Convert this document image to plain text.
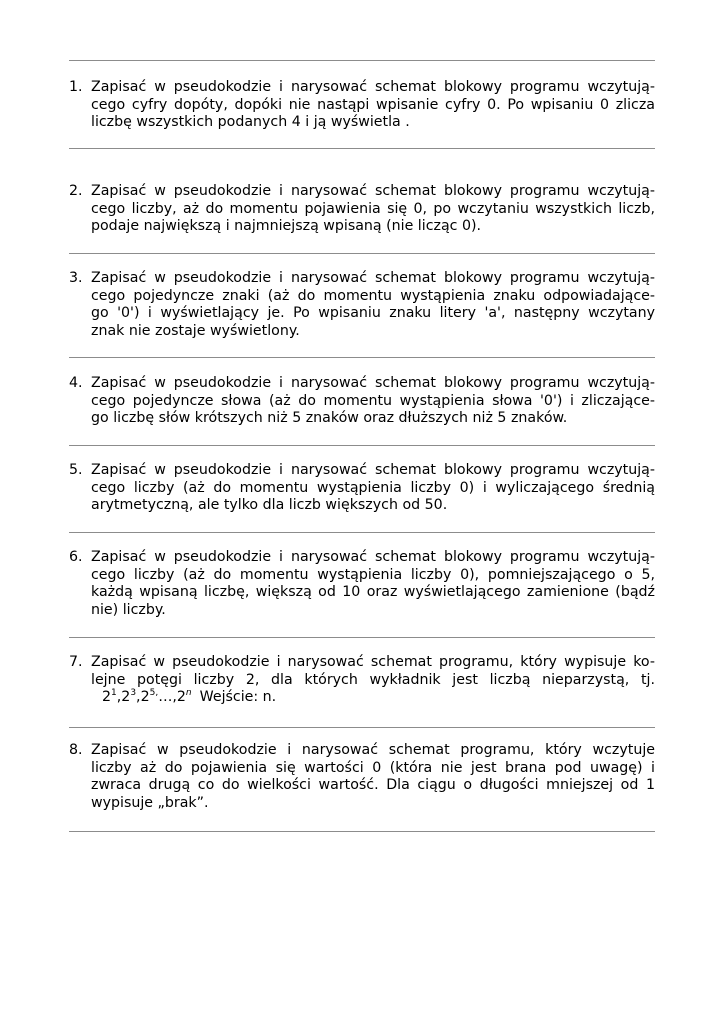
1. Zapisać w pseudokodzie i narysować schemat blokowy programu wczytują-
cego cyfry dopóty, dopóki nie nastąpi wpisanie cyfry 0. Po wpisaniu 0 zlicza
liczbę wszystkich podanych 4 i ją wyświetla .
2. Zapisać w pseudokodzie i narysować schemat blokowy programu wczytują-
cego liczby, aż do momentu pojawienia się 0, po wczytaniu wszystkich liczb,
podaje największą i najmniejszą wpisaną (nie licząc 0).
3. Zapisać w pseudokodzie i narysować schemat blokowy programu wczytują-
cego pojedyncze znaki (aż do momentu wystąpienia znaku odpowiadające-
go '0') i wyświetlający je. Po wpisaniu znaku litery 'a', następny wczytany
znak nie zostaje wyświetlony.
4. Zapisać w pseudokodzie i narysować schemat blokowy programu wczytują-
cego pojedyncze słowa (aż do momentu wystąpienia słowa '0') i zliczające-
go liczbę słów krótszych niż 5 znaków oraz dłuższych niż 5 znaków.
5. Zapisać w pseudokodzie i narysować schemat blokowy programu wczytują-
cego liczby (aż do momentu wystąpienia liczby 0) i wyliczającego średnią
arytmetyczną, ale tylko dla liczb większych od 50.
6. Zapisać w pseudokodzie i narysować schemat blokowy programu wczytują-
cego liczby (aż do momentu wystąpienia liczby 0), pomniejszającego o 5,
każdą wpisaną liczbę, większą od 10 oraz wyświetlającego zamienione (bądź
nie) liczby.
7. Zapisać w pseudokodzie i narysować schemat programu, który wypisuje ko-
lejne potęgi liczby 2, dla których wykładnik jest liczbą nieparzystą, tj.
$2^1,2^3,2^{5,}\dots,2^n$ Wejście: n.
8. Zapisać w pseudokodzie i narysować schemat programu, który wczytuje
liczby aż do pojawienia się wartości 0 (która nie jest brana pod uwagę) i
zwraca drugą co do wielkości wartość. Dla ciągu o długości mniejszej od 1
wypisuje „brak”.
